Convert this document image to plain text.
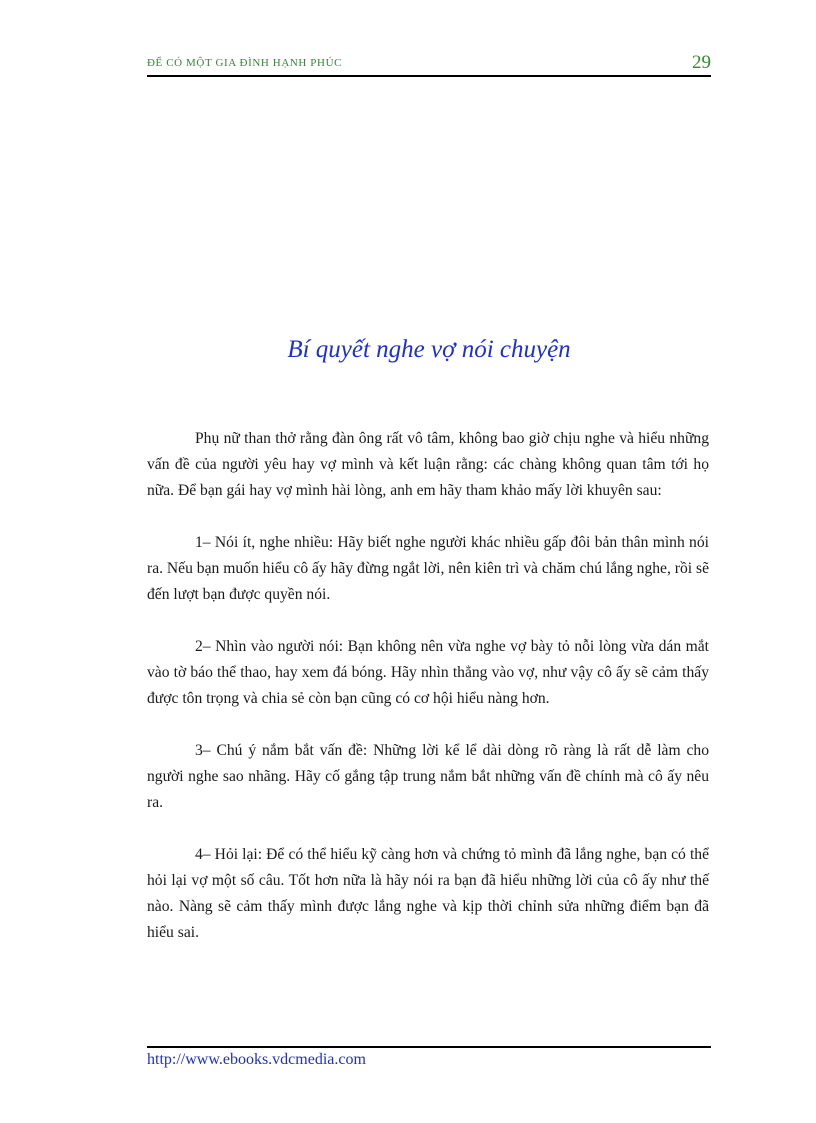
ĐỂ CÓ MỘT GIA ĐÌNH HẠNH PHÚC	29
Bí quyết nghe vợ nói chuyện

Phụ nữ than thở rằng đàn ông rất vô tâm, không bao giờ chịu nghe và hiểu những vấn đề của người yêu hay vợ mình và kết luận rằng: các chàng không quan tâm tới họ nữa. Để bạn gái hay vợ mình hài lòng, anh em hãy tham khảo mấy lời khuyên sau:

1– Nói ít, nghe nhiều: Hãy biết nghe người khác nhiều gấp đôi bản thân mình nói ra. Nếu bạn muốn hiểu cô ấy hãy đừng ngắt lời, nên kiên trì và chăm chú lắng nghe, rồi sẽ đến lượt bạn được quyền nói.

2– Nhìn vào người nói: Bạn không nên vừa nghe vợ bày tỏ nỗi lòng vừa dán mắt vào tờ báo thể thao, hay xem đá bóng. Hãy nhìn thẳng vào vợ, như vậy cô ấy sẽ cảm thấy được tôn trọng và chia sẻ còn bạn cũng có cơ hội hiểu nàng hơn.

3– Chú ý nắm bắt vấn đề: Những lời kể lể dài dòng rõ ràng là rất dễ làm cho người nghe sao nhãng. Hãy cố gắng tập trung nắm bắt những vấn đề chính mà cô ấy nêu ra.

4– Hỏi lại: Để có thể hiểu kỹ càng hơn và chứng tỏ mình đã lắng nghe, bạn có thể hỏi lại vợ một số câu. Tốt hơn nữa là hãy nói ra bạn đã hiểu những lời của cô ấy như thế nào. Nàng sẽ cảm thấy mình được lắng nghe và kịp thời chỉnh sửa những điểm bạn đã hiểu sai.

http://www.ebooks.vdcmedia.com
